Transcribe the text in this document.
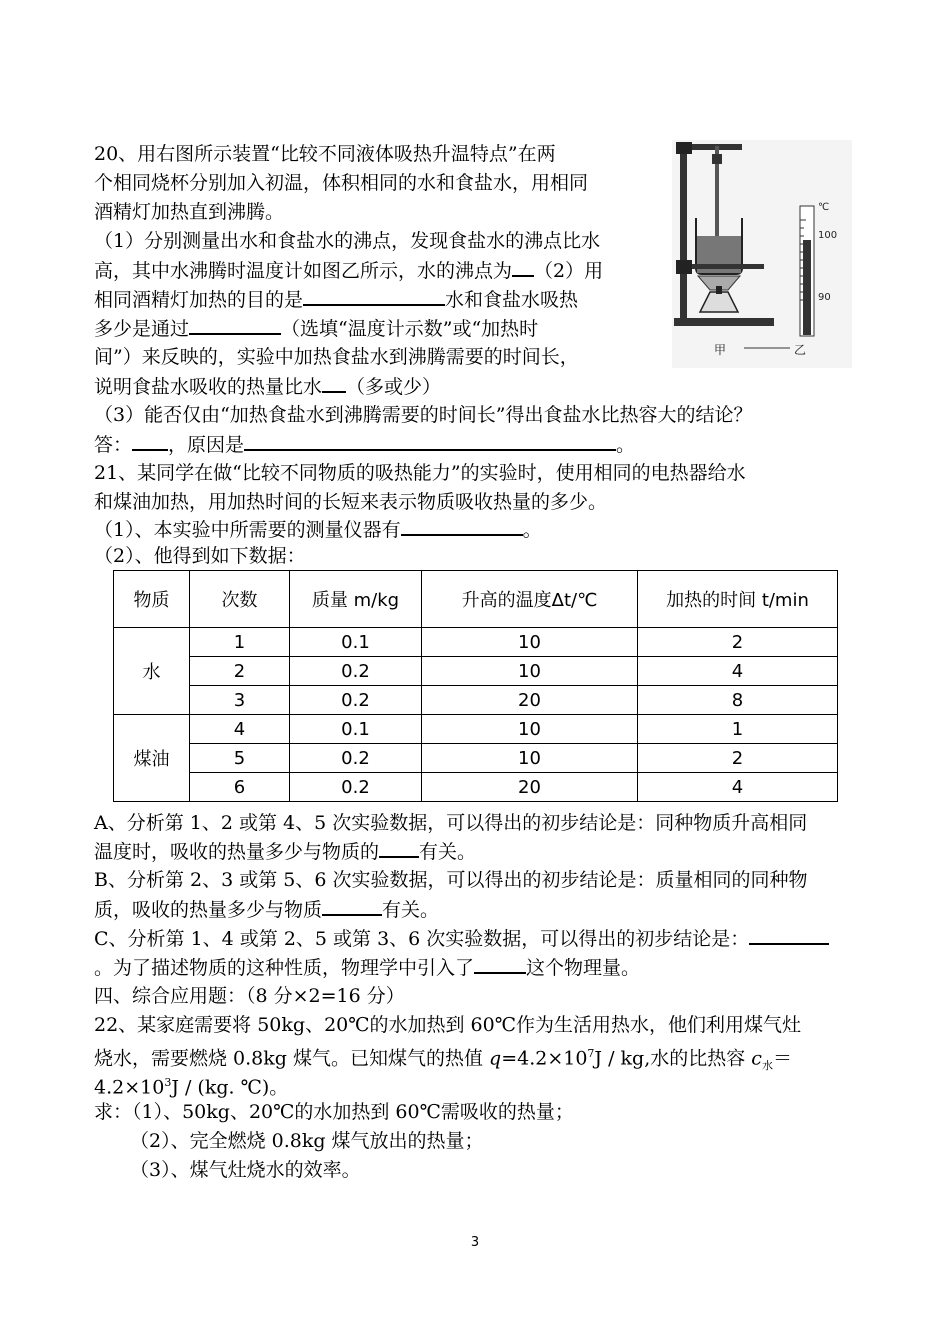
20、用右图所示装置“比较不同液体吸热升温特点”在两
个相同烧杯分别加入初温，体积相同的水和食盐水，用相同
酒精灯加热直到沸腾。
（1）分别测量出水和食盐水的沸点，发现食盐水的沸点比水
高，其中水沸腾时温度计如图乙所示，水的沸点为 （2）用
相同酒精灯加热的目的是	水和食盐水吸热
多少是通过	（选填“温度计示数”或“加热时
间”）来反映的，实验中加热食盐水到沸腾需要的时间长，
说明食盐水吸收的热量比水 （多或少）
（3）能否仅由“加热食盐水到沸腾需要的时间长”得出食盐水比热容大的结论？
答： ，原因是	。
甲	乙
℃
100
90
21、某同学在做“比较不同物质的吸热能力”的实验时，使用相同的电热器给水
和煤油加热，用加热时间的长短来表示物质吸收热量的多少。
（1）、本实验中所需要的测量仪器有	。
（2）、他得到如下数据：
物质	次数	质量 m/kg	升高的温度Δt/℃	加热的时间 t/min
水	1	0.1	10	2
	2	0.2	10	4
	3	0.2	20	8
煤油	4	0.1	10	1
	5	0.2	10	2
	6	0.2	20	4
A、分析第 1、2 或第 4、5 次实验数据，可以得出的初步结论是：同种物质升高相同
温度时，吸收的热量多少与物质的 有关。
B、分析第 2、3 或第 5、6 次实验数据，可以得出的初步结论是：质量相同的同种物
质，吸收的热量多少与物质	有关。
C、分析第 1、4 或第 2、5 或第 3、6 次实验数据，可以得出的初步结论是：
。为了描述物质的这种性质，物理学中引入了	这个物理量。
四、综合应用题：（8 分×2=16 分）
22、某家庭需要将 50kg、20℃的水加热到 60℃作为生活用热水，他们利用煤气灶
烧水，需要燃烧 0.8kg 煤气。已知煤气的热值 $q=4.2\times 10^7J$ / kg,水的比热容 $c_水=$
$4.2\times 10^3J / (kg$. ℃)。
求：（1）、50kg、20℃的水加热到 60℃需吸收的热量；
（2）、完全燃烧 0.8kg 煤气放出的热量；
（3）、煤气灶烧水的效率。
3
